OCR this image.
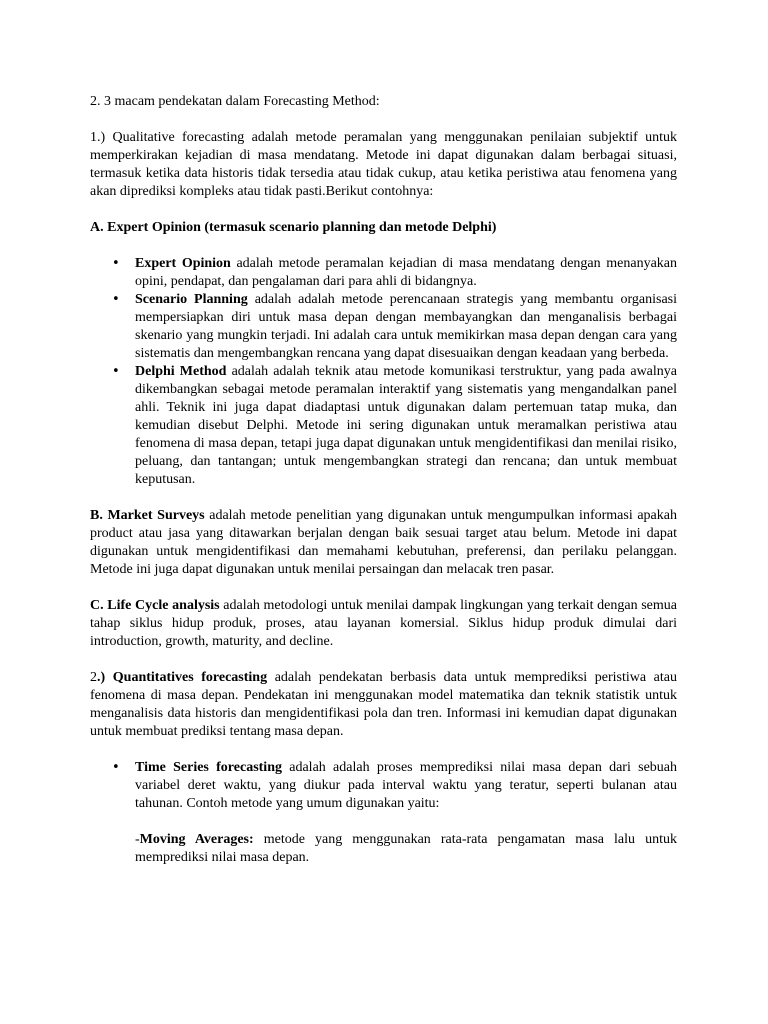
2. 3 macam pendekatan dalam Forecasting Method:

1.) Qualitative forecasting adalah metode peramalan yang menggunakan penilaian subjektif untuk memperkirakan kejadian di masa mendatang. Metode ini dapat digunakan dalam berbagai situasi, termasuk ketika data historis tidak tersedia atau tidak cukup, atau ketika peristiwa atau fenomena yang akan diprediksi kompleks atau tidak pasti.Berikut contohnya:

A. Expert Opinion (termasuk scenario planning dan metode Delphi)

• Expert Opinion adalah metode peramalan kejadian di masa mendatang dengan menanyakan opini, pendapat, dan pengalaman dari para ahli di bidangnya.
• Scenario Planning adalah adalah metode perencanaan strategis yang membantu organisasi mempersiapkan diri untuk masa depan dengan membayangkan dan menganalisis berbagai skenario yang mungkin terjadi. Ini adalah cara untuk memikirkan masa depan dengan cara yang sistematis dan mengembangkan rencana yang dapat disesuaikan dengan keadaan yang berbeda.
• Delphi Method adalah adalah teknik atau metode komunikasi terstruktur, yang pada awalnya dikembangkan sebagai metode peramalan interaktif yang sistematis yang mengandalkan panel ahli. Teknik ini juga dapat diadaptasi untuk digunakan dalam pertemuan tatap muka, dan kemudian disebut Delphi. Metode ini sering digunakan untuk meramalkan peristiwa atau fenomena di masa depan, tetapi juga dapat digunakan untuk mengidentifikasi dan menilai risiko, peluang, dan tantangan; untuk mengembangkan strategi dan rencana; dan untuk membuat keputusan.

B. Market Surveys adalah metode penelitian yang digunakan untuk mengumpulkan informasi apakah product atau jasa yang ditawarkan berjalan dengan baik sesuai target atau belum. Metode ini dapat digunakan untuk mengidentifikasi dan memahami kebutuhan, preferensi, dan perilaku pelanggan. Metode ini juga dapat digunakan untuk menilai persaingan dan melacak tren pasar.

C. Life Cycle analysis adalah metodologi untuk menilai dampak lingkungan yang terkait dengan semua tahap siklus hidup produk, proses, atau layanan komersial. Siklus hidup produk dimulai dari introduction, growth, maturity, and decline.

2.) Quantitatives forecasting adalah pendekatan berbasis data untuk memprediksi peristiwa atau fenomena di masa depan. Pendekatan ini menggunakan model matematika dan teknik statistik untuk menganalisis data historis dan mengidentifikasi pola dan tren. Informasi ini kemudian dapat digunakan untuk membuat prediksi tentang masa depan.

• Time Series forecasting adalah adalah proses memprediksi nilai masa depan dari sebuah variabel deret waktu, yang diukur pada interval waktu yang teratur, seperti bulanan atau tahunan. Contoh metode yang umum digunakan yaitu:

-Moving Averages: metode yang menggunakan rata-rata pengamatan masa lalu untuk memprediksi nilai masa depan.
